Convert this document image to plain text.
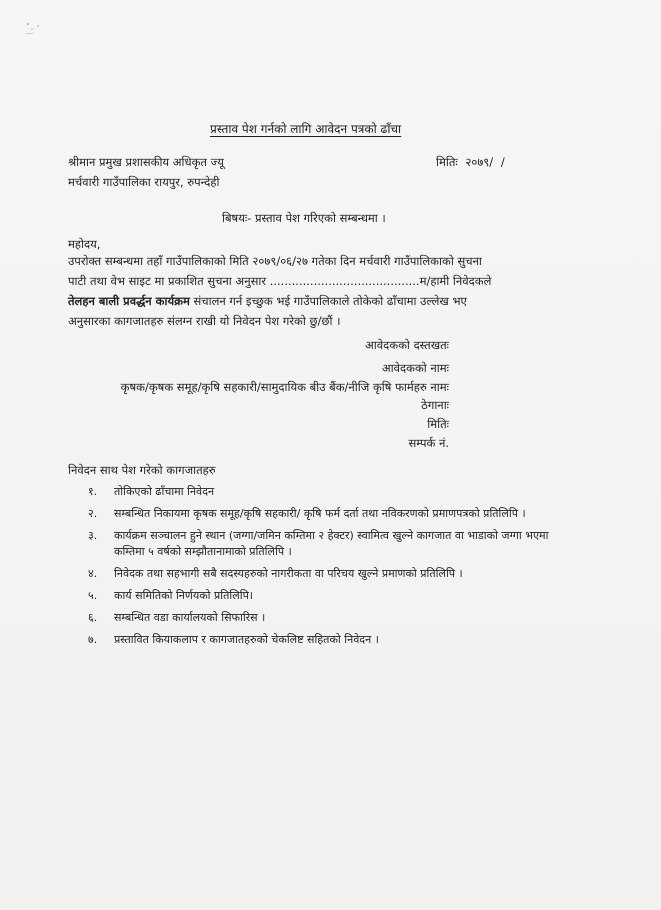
प्रस्ताव पेश गर्नको लागि आवेदन पत्रको ढाँचा
श्रीमान प्रमुख प्रशासकीय अधिकृत ज्यू
मर्चवारी गाउँपालिका रायपुर, रुपन्देही
मितिः २०७९/ /
बिषयः- प्रस्ताव पेश गरिएको सम्बन्धमा ।
महोदय,
उपरोक्त सम्बन्धमा तहाँ गाउँपालिकाको मिति २०७९/०६/२७ गतेका दिन मर्चवारी गाउँपालिकाको सुचना
पाटी तथा वेभ साइट मा प्रकाशित सुचना अनुसार .........................................म/हामी निवेदकले
तेलहन बाली प्रवर्द्धन कार्यक्रम संचालन गर्न इच्छुक भई गाउँपालिकाले तोकेको ढाँचामा उल्लेख भए
अनुसारका कागजातहरु संलग्न राखी यो निवेदन पेश गरेको छु/छौं ।
आवेदकको दस्तखतः
आवेदकको नामः
कृषक/कृषक समूह/कृषि सहकारी/सामुदायिक बीउ बैंक/नीजि कृषि फार्महरु नामः
ठेगानाः
मितिः
सम्पर्क नं.
निवेदन साथ पेश गरेको कागजातहरु
१. तोकिएको ढाँचामा निवेदन
२. सम्बन्धित निकायमा कृषक समूह/कृषि सहकारी/ कृषि फर्म दर्ता तथा नविकरणको प्रमाणपत्रको प्रतिलिपि ।
३. कार्यक्रम सञ्चालन हुने स्थान (जग्गा/जमिन कम्तिमा २ हेक्टर) स्वामित्व खुल्ने कागजात वा भाडाको जग्गा भएमा कम्तिमा ५ वर्षको सम्झौतानामाको प्रतिलिपि ।
४. निवेदक तथा सहभागी सबै सदस्यहरुको नागरीकता वा परिचय खुल्ने प्रमाणको प्रतिलिपि ।
५. कार्य समितिको निर्णयको प्रतिलिपि।
६. सम्बन्धित वडा कार्यालयको सिफारिस ।
७. प्रस्तावित कियाकलाप र कागजातहरुको चेकलिष्ट सहितको निवेदन ।
